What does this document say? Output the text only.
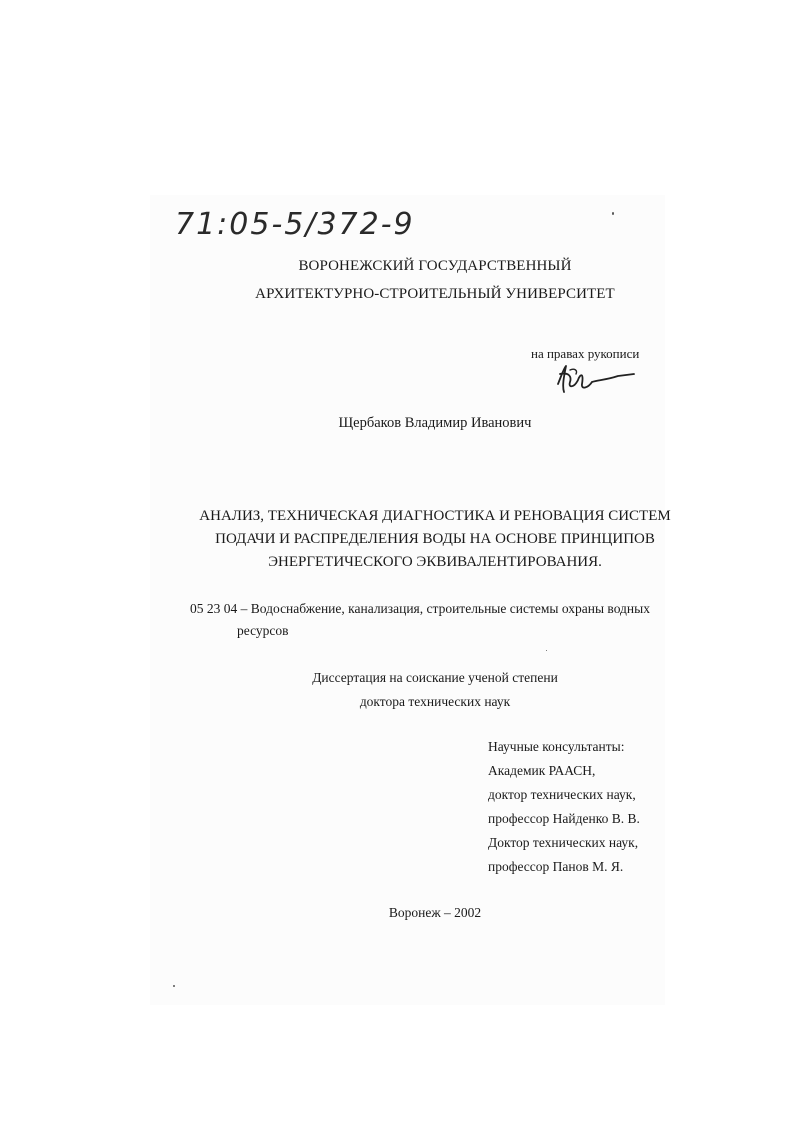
71:05-5/372-9
ВОРОНЕЖСКИЙ ГОСУДАРСТВЕННЫЙ
АРХИТЕКТУРНО-СТРОИТЕЛЬНЫЙ УНИВЕРСИТЕТ
на правах рукописи
Щербаков Владимир Иванович
АНАЛИЗ, ТЕХНИЧЕСКАЯ ДИАГНОСТИКА И РЕНОВАЦИЯ СИСТЕМ
ПОДАЧИ И РАСПРЕДЕЛЕНИЯ ВОДЫ НА ОСНОВЕ ПРИНЦИПОВ
ЭНЕРГЕТИЧЕСКОГО ЭКВИВАЛЕНТИРОВАНИЯ.
05 23 04 – Водоснабжение, канализация, строительные системы охраны водных
ресурсов
Диссертация на соискание ученой степени
доктора технических наук
Научные консультанты:
Академик РААСН,
доктор технических наук,
профессор Найденко В. В.
Доктор технических наук,
профессор Панов М. Я.
Воронеж – 2002
